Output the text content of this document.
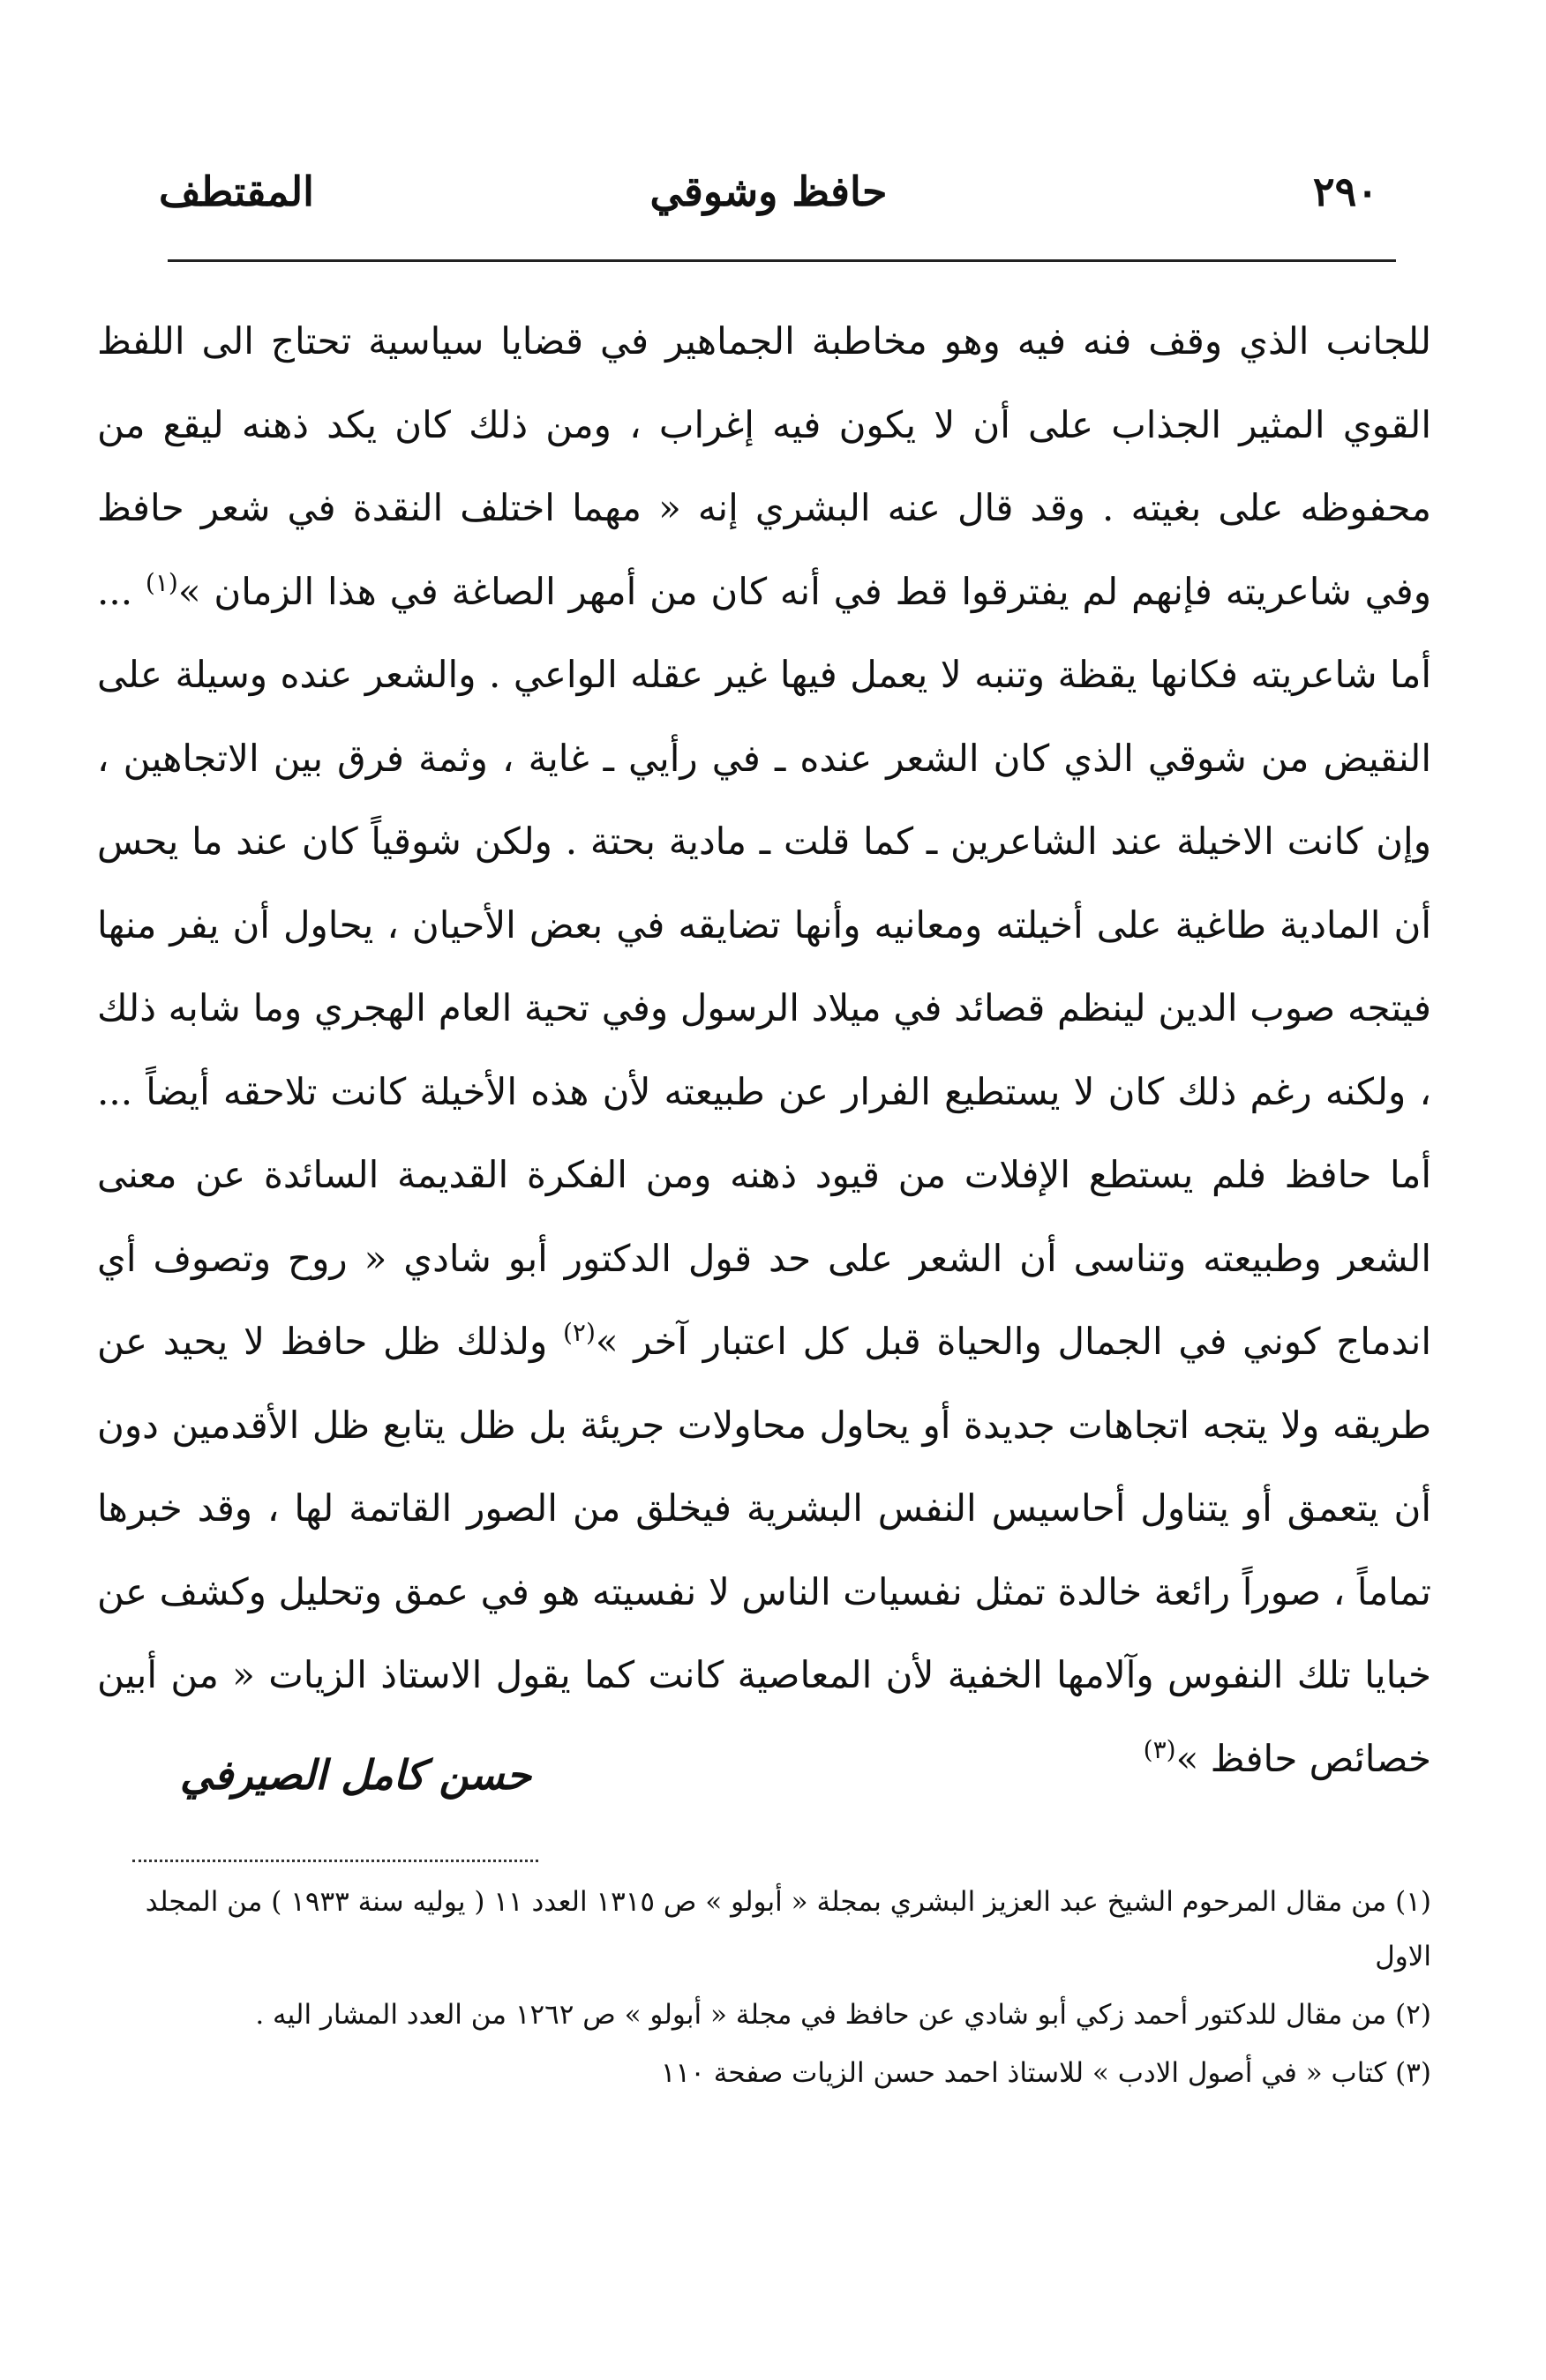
٢٩٠
حافظ وشوقي
المقتطف

للجانب الذي وقف فنه فيه وهو مخاطبة الجماهير في قضايا سياسية تحتاج الى اللفظ القوي المثير الجذاب على أن لا يكون فيه إغراب ، ومن ذلك كان يكد ذهنه ليقع من محفوظه على بغيته . وقد قال عنه البشري إنه « مهما اختلف النقدة في شعر حافظ وفي شاعريته فإنهم لم يفترقوا قط في أنه كان من أمهر الصاغة في هذا الزمان »$^{(١)}$ ... أما شاعريته فكانها يقظة وتنبه لا يعمل فيها غير عقله الواعي . والشعر عنده وسيلة على النقيض من شوقي الذي كان الشعر عنده ـ في رأيي ـ غاية ، وثمة فرق بين الاتجاهين ، وإن كانت الاخيلة عند الشاعرين ـ كما قلت ـ مادية بحتة . ولكن شوقياً كان عند ما يحس أن المادية طاغية على أخيلته ومعانيه وأنها تضايقه في بعض الأحيان ، يحاول أن يفر منها فيتجه صوب الدين لينظم قصائد في ميلاد الرسول وفي تحية العام الهجري وما شابه ذلك ، ولكنه رغم ذلك كان لا يستطيع الفرار عن طبيعته لأن هذه الأخيلة كانت تلاحقه أيضاً ... أما حافظ فلم يستطع الإفلات من قيود ذهنه ومن الفكرة القديمة السائدة عن معنى الشعر وطبيعته وتناسى أن الشعر على حد قول الدكتور أبو شادي « روح وتصوف أي اندماج كوني في الجمال والحياة قبل كل اعتبار آخر »$^{(٢)}$ ولذلك ظل حافظ لا يحيد عن طريقه ولا يتجه اتجاهات جديدة أو يحاول محاولات جريئة بل ظل يتابع ظل الأقدمين دون أن يتعمق أو يتناول أحاسيس النفس البشرية فيخلق من الصور القاتمة لها ، وقد خبرها تماماً ، صوراً رائعة خالدة تمثل نفسيات الناس لا نفسيته هو في عمق وتحليل وكشف عن خبايا تلك النفوس وآلامها الخفية لأن المعاصية كانت كما يقول الاستاذ الزيات « من أبين خصائص حافظ »$^{(٣)}$

حسن كامل الصيرفي

(١) من مقال المرحوم الشيخ عبد العزيز البشري بمجلة « أبولو » ص ١٣١٥ العدد ١١ ( يوليه سنة ١٩٣٣ ) من المجلد الاول

(٢) من مقال للدكتور أحمد زكي أبو شادي عن حافظ في مجلة « أبولو » ص ١٢٦٢ من العدد المشار اليه .

(٣) كتاب « في أصول الادب » للاستاذ احمد حسن الزيات صفحة ١١٠
